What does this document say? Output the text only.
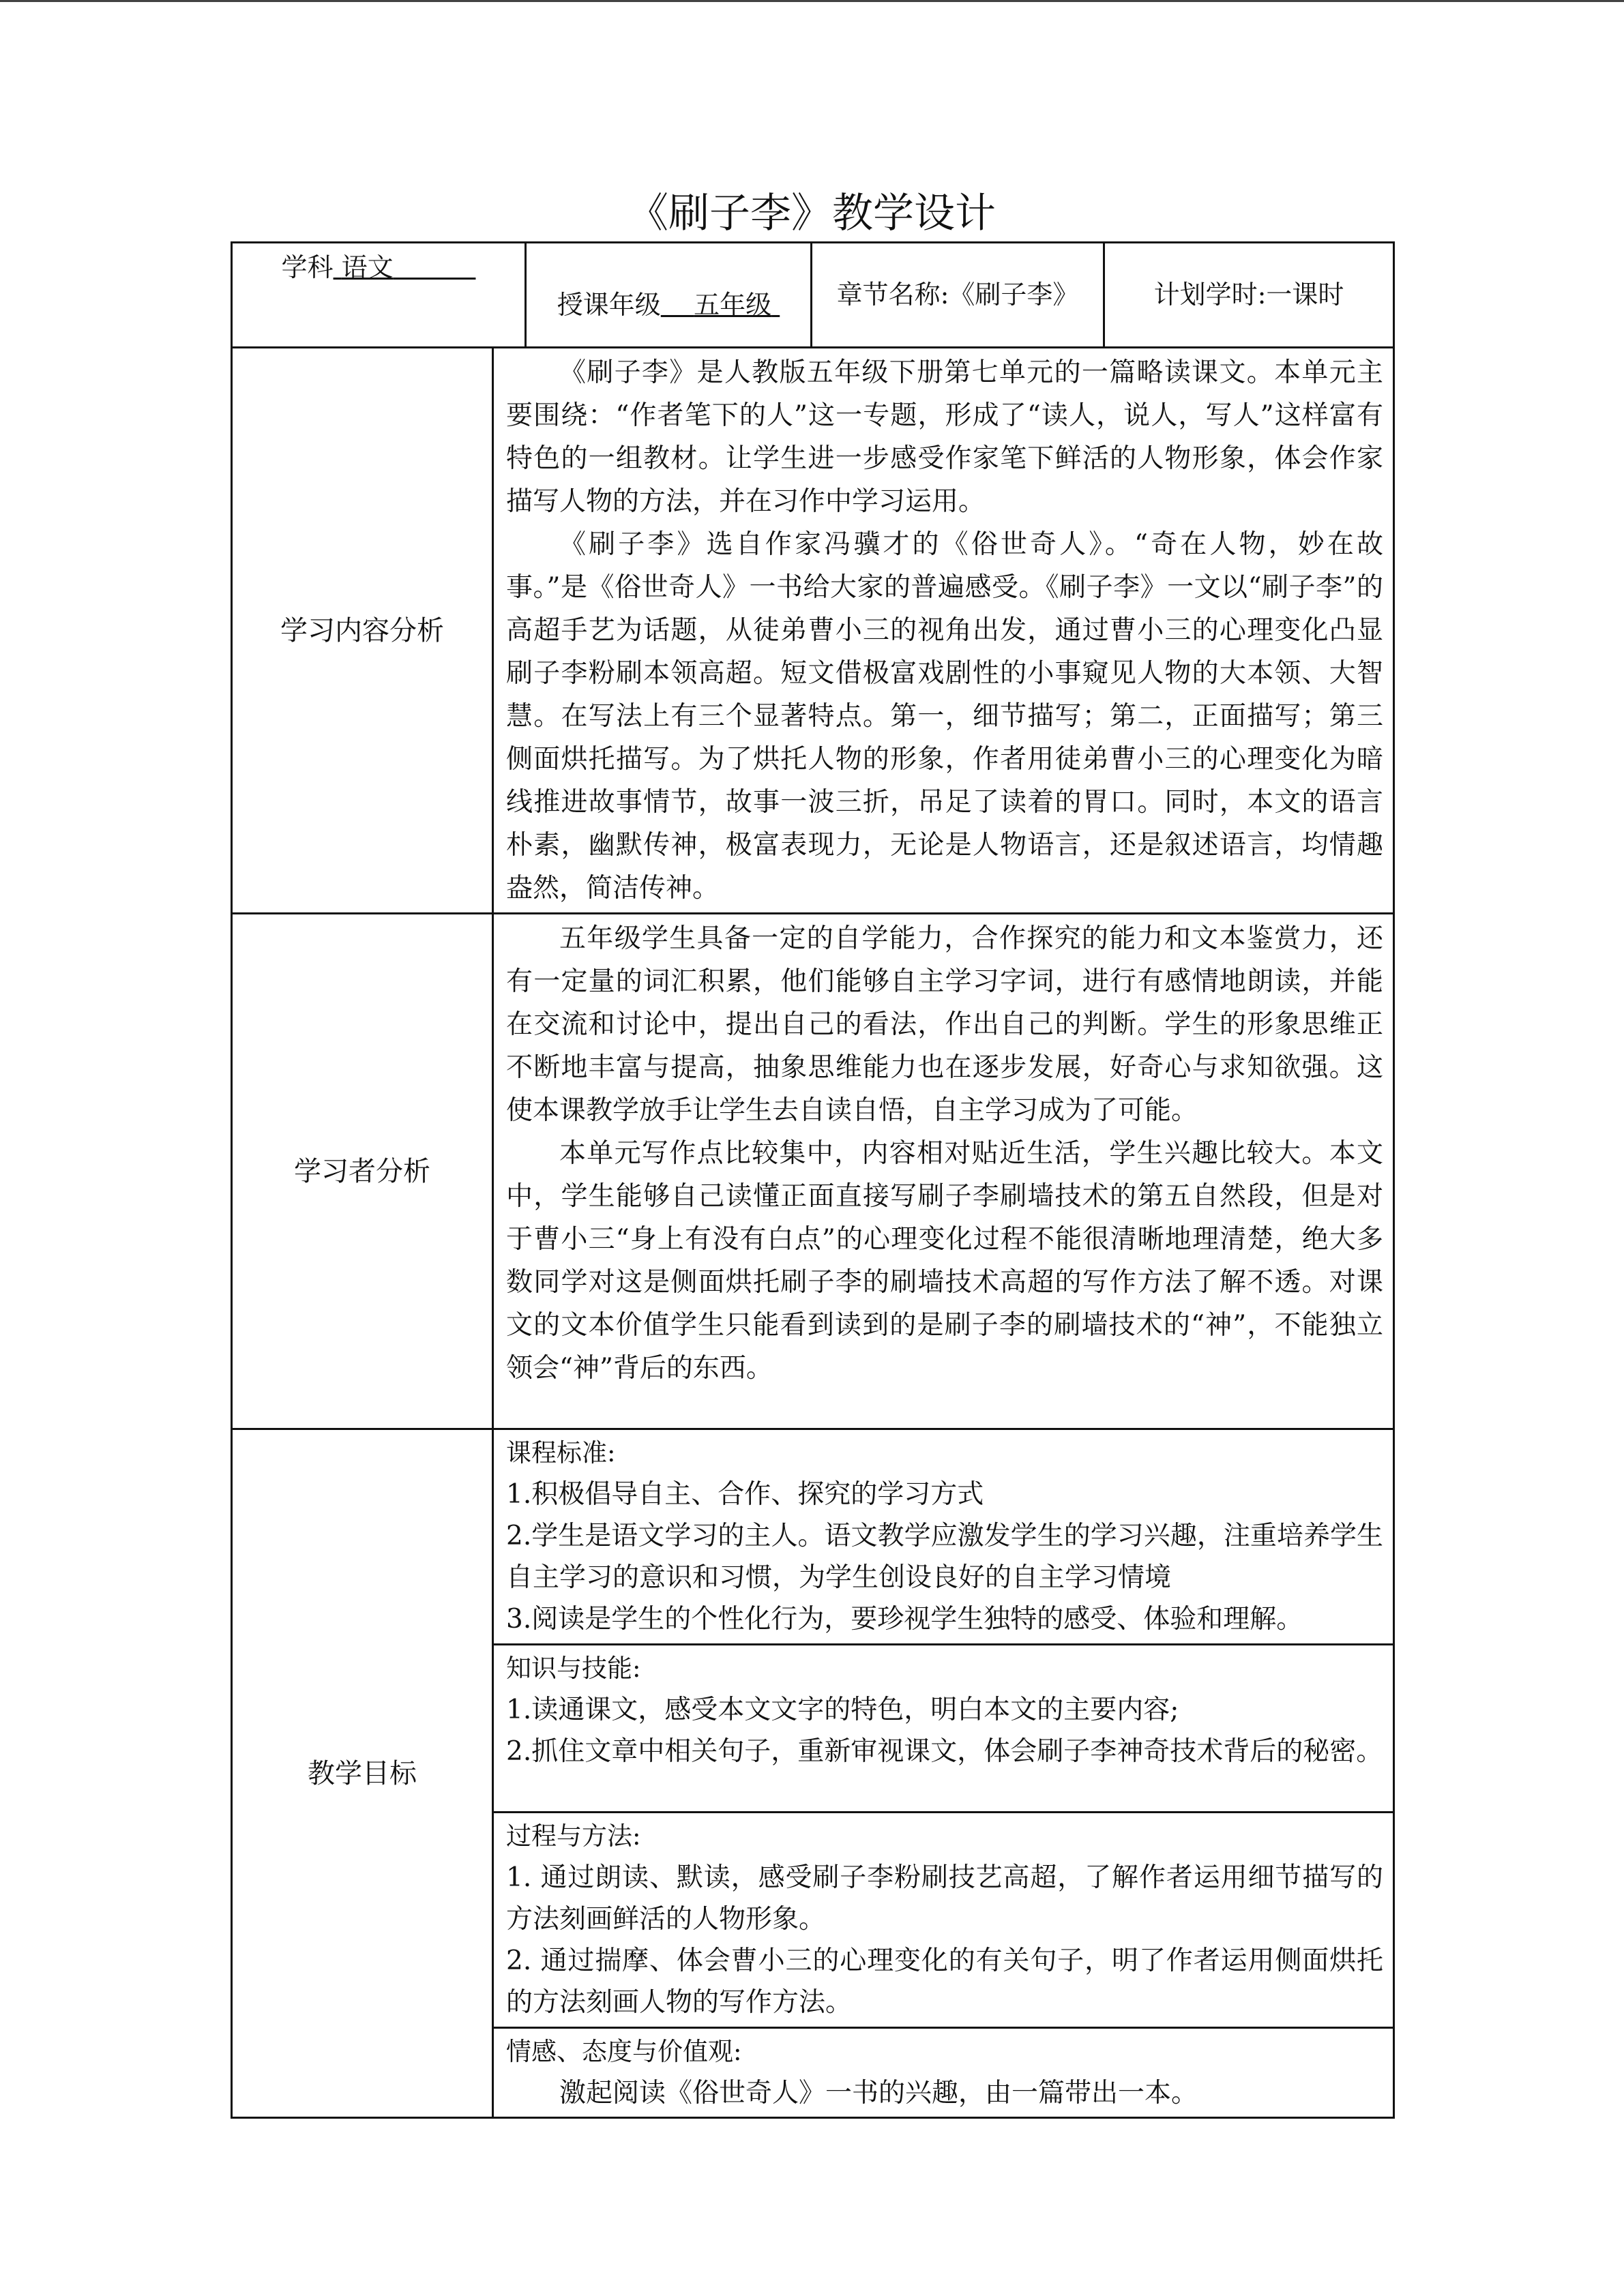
《刷子李》教学设计
学科 语文		授课年级 五年级	章节名称:《刷子李》	计划学时:一课时
学习内容分析	《刷子李》是人教版五年级下册第七单元的一篇略读课文。本单元主要围绕：“作者笔下的人”这一专题，形成了“读人，说人，写人”这样富有特色的一组教材。让学生进一步感受作家笔下鲜活的人物形象，体会作家描写人物的方法，并在习作中学习运用。

《刷子李》选自作家冯骥才的《俗世奇人》。“奇在人物，妙在故事。”是《俗世奇人》一书给大家的普遍感受。《刷子李》一文以“刷子李”的高超手艺为话题，从徒弟曹小三的视角出发，通过曹小三的心理变化凸显刷子李粉刷本领高超。短文借极富戏剧性的小事窥见人物的大本领、大智慧。在写法上有三个显著特点。第一，细节描写；第二，正面描写；第三侧面烘托描写。为了烘托人物的形象，作者用徒弟曹小三的心理变化为暗线推进故事情节，故事一波三折，吊足了读着的胃口。同时，本文的语言朴素，幽默传神，极富表现力，无论是人物语言，还是叙述语言，均情趣盎然，简洁传神。			

学习者分析	五年级学生具备一定的自学能力，合作探究的能力和文本鉴赏力，还有一定量的词汇积累，他们能够自主学习字词，进行有感情地朗读，并能在交流和讨论中，提出自己的看法，作出自己的判断。学生的形象思维正不断地丰富与提高，抽象思维能力也在逐步发展，好奇心与求知欲强。这使本课教学放手让学生去自读自悟，自主学习成为了可能。

本单元写作点比较集中，内容相对贴近生活，学生兴趣比较大。本文中，学生能够自己读懂正面直接写刷子李刷墙技术的第五自然段，但是对于曹小三“身上有没有白点”的心理变化过程不能很清晰地理清楚，绝大多数同学对这是侧面烘托刷子李的刷墙技术高超的写作方法了解不透。对课文的文本价值学生只能看到读到的是刷子李的刷墙技术的“神”，不能独立领会“神”背后的东西。			

教学目标	课程标准:

1.积极倡导自主、合作、探究的学习方式

2.学生是语文学习的主人。语文教学应激发学生的学习兴趣，注重培养学生自主学习的意识和习惯，为学生创设良好的自主学习情境

3.阅读是学生的个性化行为，要珍视学生独特的感受、体验和理解。			

	知识与技能:

1.读通课文，感受本文文字的特色，明白本文的主要内容;

2.抓住文章中相关句子，重新审视课文，体会刷子李神奇技术背后的秘密。			

	过程与方法:

1. 通过朗读、默读，感受刷子李粉刷技艺高超，了解作者运用细节描写的方法刻画鲜活的人物形象。

2. 通过揣摩、体会曹小三的心理变化的有关句子，明了作者运用侧面烘托的方法刻画人物的写作方法。			

	情感、态度与价值观:

激起阅读《俗世奇人》一书的兴趣，由一篇带出一本。			
